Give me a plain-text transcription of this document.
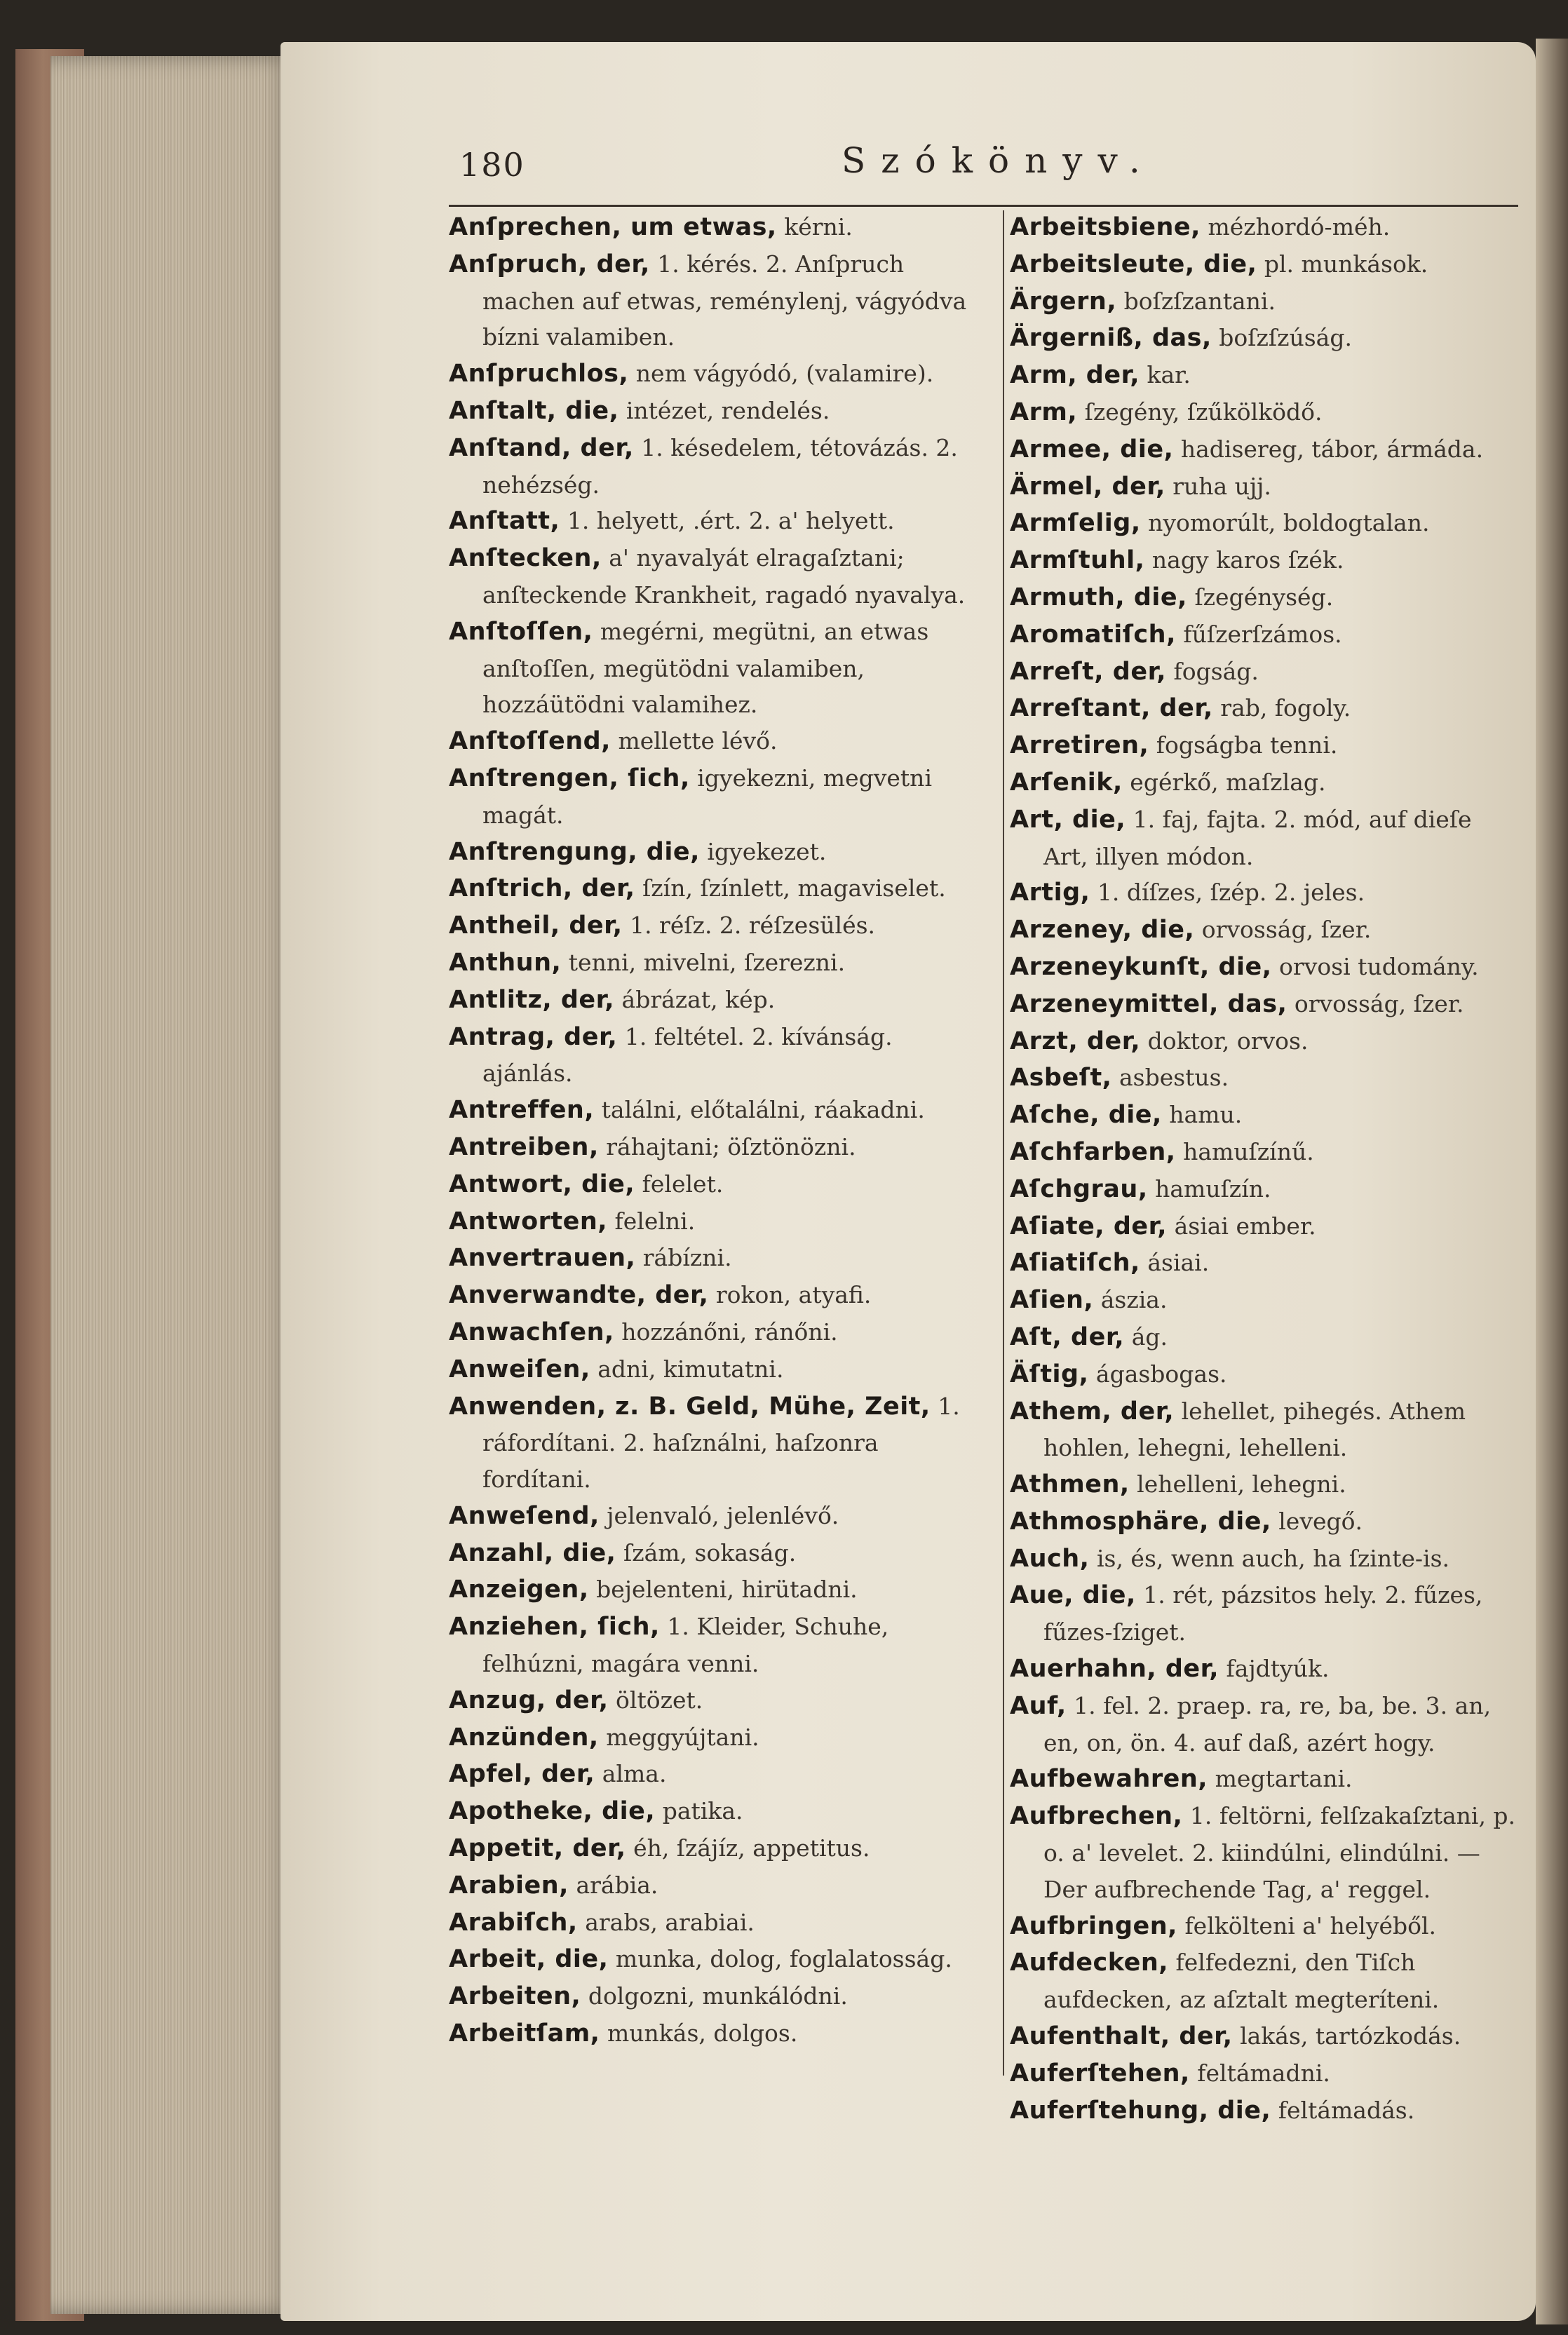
180	Szókönyv.

Anſprechen, um etwas, kérni.

Anſpruch, der, 1. kérés. 2. Anſpruch machen auf etwas, reménylenj, vágyódva bízni valamiben.

Anſpruchlos, nem vágyódó, (valamire).

Anſtalt, die, intézet, rendelés.

Anſtand, der, 1. késedelem, tétovázás. 2. nehézség.

Anſtatt, 1. helyett, .ért. 2. a' helyett.

Anſtecken, a' nyavalyát elragaſztani; anſteckende Krankheit, ragadó nyavalya.

Anſtoſſen, megérni, megütni, an etwas anſtoſſen, megütödni valamiben, hozzáütödni valamihez.

Anſtoſſend, mellette lévő.

Anſtrengen, ſich, igyekezni, megvetni magát.

Anſtrengung, die, igyekezet.

Anſtrich, der, ſzín, ſzínlett, magaviselet.

Antheil, der, 1. réſz. 2. réſzesülés.

Anthun, tenni, mivelni, ſzerezni.

Antlitz, der, ábrázat, kép.

Antrag, der, 1. feltétel. 2. kívánság. ajánlás.

Antreffen, találni, előtalálni, ráakadni.

Antreiben, ráhajtani; öſztönözni.

Antwort, die, felelet.

Antworten, felelni.

Anvertrauen, rábízni.

Anverwandte, der, rokon, atyafi.

Anwachſen, hozzánőni, ránőni.

Anweiſen, adni, kimutatni.

Anwenden, z. B. Geld, Mühe, Zeit, 1. ráfordítani. 2. haſználni, haſzonra fordítani.

Anweſend, jelenvaló, jelenlévő.

Anzahl, die, ſzám, sokaság.

Anzeigen, bejelenteni, hirütadni.

Anziehen, ſich, 1. Kleider, Schuhe, felhúzni, magára venni.

Anzug, der, öltözet.

Anzünden, meggyújtani.

Apfel, der, alma.

Apotheke, die, patika.

Appetit, der, éh, ſzájíz, appetitus.

Arabien, arábia.

Arabiſch, arabs, arabiai.

Arbeit, die, munka, dolog, foglalatosság.

Arbeiten, dolgozni, munkálódni.

Arbeitſam, munkás, dolgos.

Arbeitsbiene, mézhordó-méh.

Arbeitsleute, die, pl. munkások.

Ärgern, boſzſzantani.

Ärgerniß, das, boſzſzúság.

Arm, der, kar.

Arm, ſzegény, ſzűkölködő.

Armee, die, hadisereg, tábor, ármáda.

Ärmel, der, ruha ujj.

Armſelig, nyomorúlt, boldogtalan.

Armſtuhl, nagy karos ſzék.

Armuth, die, ſzegénység.

Aromatiſch, fűſzerſzámos.

Arreſt, der, fogság.

Arreſtant, der, rab, fogoly.

Arretiren, fogságba tenni.

Arſenik, egérkő, maſzlag.

Art, die, 1. faj, fajta. 2. mód, auf dieſe Art, illyen módon.

Artig, 1. díſzes, ſzép. 2. jeles.

Arzeney, die, orvosság, ſzer.

Arzeneykunſt, die, orvosi tudomány.

Arzeneymittel, das, orvosság, ſzer.

Arzt, der, doktor, orvos.

Asbeſt, asbestus.

Aſche, die, hamu.

Aſchfarben, hamuſzínű.

Aſchgrau, hamuſzín.

Aſiate, der, ásiai ember.

Aſiatiſch, ásiai.

Aſien, ászia.

Aſt, der, ág.

Äſtig, ágasbogas.

Athem, der, lehellet, pihegés. Athem hohlen, lehegni, lehelleni.

Athmen, lehelleni, lehegni.

Athmosphäre, die, levegő.

Auch, is, és, wenn auch, ha ſzinte-is.

Aue, die, 1. rét, pázsitos hely. 2. fűzes, fűzes-ſziget.

Auerhahn, der, fajdtyúk.

Auf, 1. fel. 2. praep. ra, re, ba, be. 3. an, en, on, ön. 4. auf daß, azért hogy.

Aufbewahren, megtartani.

Aufbrechen, 1. feltörni, felſzakaſztani, p. o. a' levelet. 2. kiindúlni, elindúlni. — Der aufbrechende Tag, a' reggel.

Aufbringen, felkölteni a' helyéből.

Aufdecken, felfedezni, den Tiſch aufdecken, az aſztalt megteríteni.

Aufenthalt, der, lakás, tartózkodás.

Auferſtehen, feltámadni.

Auferſtehung, die, feltámadás.
